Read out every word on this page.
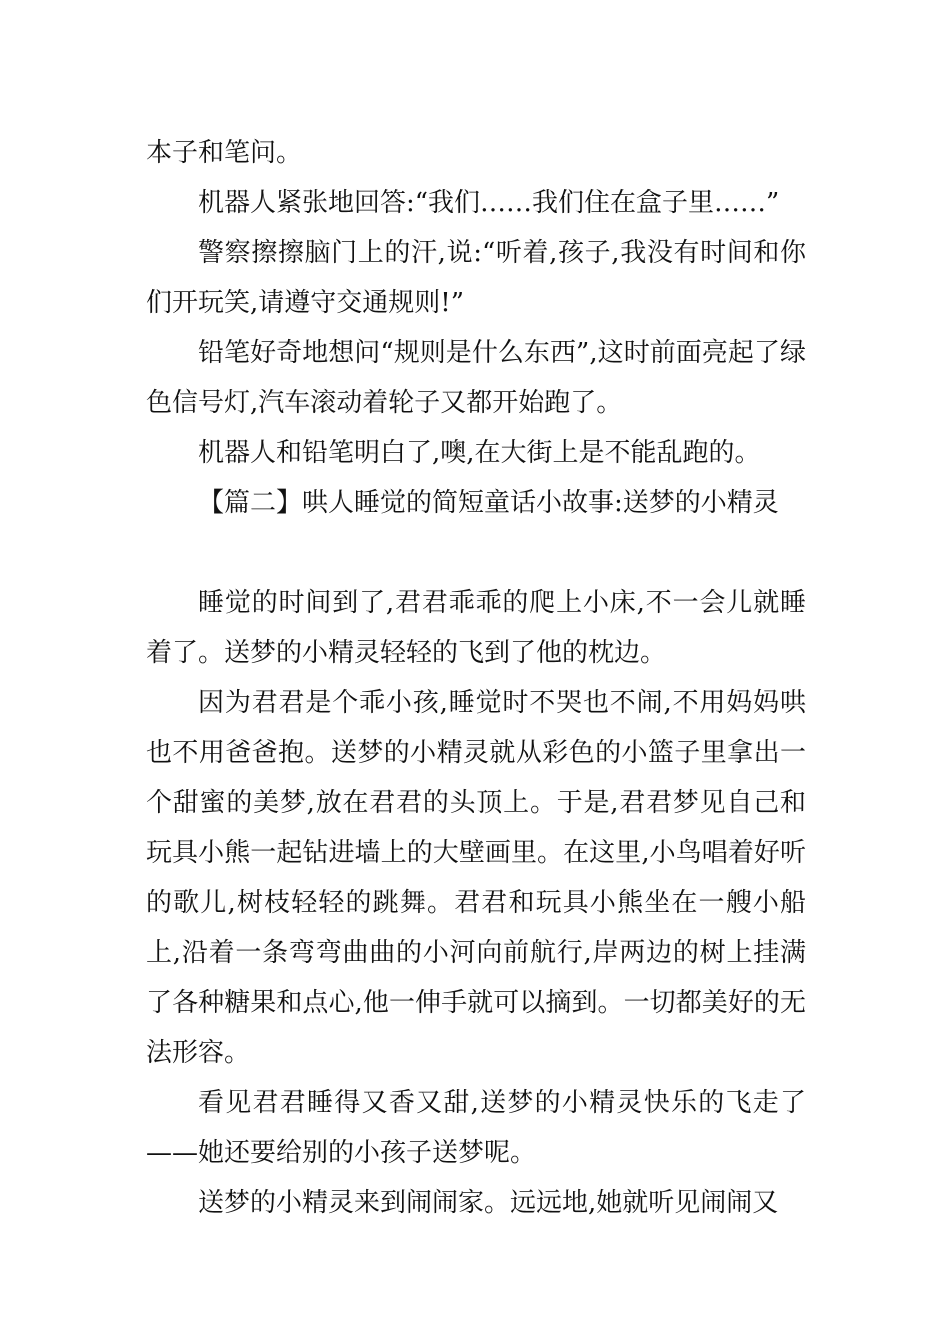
本子和笔问。

机器人紧张地回答:“我们……我们住在盒子里……”

警察擦擦脑门上的汗,说:“听着,孩子,我没有时间和你们开玩笑,请遵守交通规则!”

铅笔好奇地想问“规则是什么东西”,这时前面亮起了绿色信号灯,汽车滚动着轮子又都开始跑了。

机器人和铅笔明白了,噢,在大街上是不能乱跑的。

【篇二】哄人睡觉的简短童话小故事:送梦的小精灵

睡觉的时间到了,君君乖乖的爬上小床,不一会儿就睡着了。送梦的小精灵轻轻的飞到了他的枕边。

因为君君是个乖小孩,睡觉时不哭也不闹,不用妈妈哄也不用爸爸抱。送梦的小精灵就从彩色的小篮子里拿出一个甜蜜的美梦,放在君君的头顶上。于是,君君梦见自己和玩具小熊一起钻进墙上的大壁画里。在这里,小鸟唱着好听的歌儿,树枝轻轻的跳舞。君君和玩具小熊坐在一艘小船上,沿着一条弯弯曲曲的小河向前航行,岸两边的树上挂满了各种糖果和点心,他一伸手就可以摘到。一切都美好的无法形容。

看见君君睡得又香又甜,送梦的小精灵快乐的飞走了——她还要给别的小孩子送梦呢。

送梦的小精灵来到闹闹家。远远地,她就听见闹闹又
